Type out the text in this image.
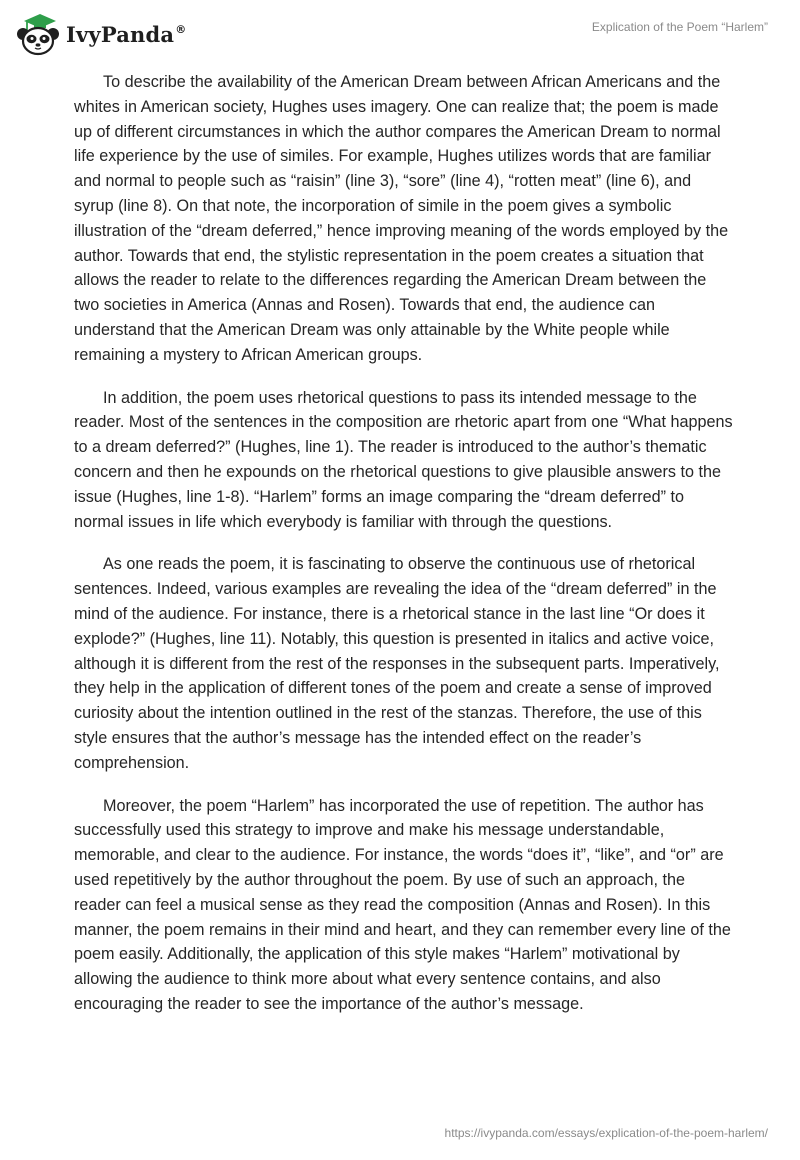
IvyPanda®	Explication of the Poem “Harlem”

To describe the availability of the American Dream between African Americans and the whites in American society, Hughes uses imagery. One can realize that; the poem is made up of different circumstances in which the author compares the American Dream to normal life experience by the use of similes. For example, Hughes utilizes words that are familiar and normal to people such as “raisin” (line 3), “sore” (line 4), “rotten meat” (line 6), and syrup (line 8). On that note, the incorporation of simile in the poem gives a symbolic illustration of the “dream deferred,” hence improving meaning of the words employed by the author. Towards that end, the stylistic representation in the poem creates a situation that allows the reader to relate to the differences regarding the American Dream between the two societies in America (Annas and Rosen). Towards that end, the audience can understand that the American Dream was only attainable by the White people while remaining a mystery to African American groups.

In addition, the poem uses rhetorical questions to pass its intended message to the reader. Most of the sentences in the composition are rhetoric apart from one “What happens to a dream deferred?” (Hughes, line 1). The reader is introduced to the author’s thematic concern and then he expounds on the rhetorical questions to give plausible answers to the issue (Hughes, line 1-8). “Harlem” forms an image comparing the “dream deferred” to normal issues in life which everybody is familiar with through the questions.

As one reads the poem, it is fascinating to observe the continuous use of rhetorical sentences. Indeed, various examples are revealing the idea of the “dream deferred” in the mind of the audience. For instance, there is a rhetorical stance in the last line “Or does it explode?” (Hughes, line 11). Notably, this question is presented in italics and active voice, although it is different from the rest of the responses in the subsequent parts. Imperatively, they help in the application of different tones of the poem and create a sense of improved curiosity about the intention outlined in the rest of the stanzas. Therefore, the use of this style ensures that the author’s message has the intended effect on the reader’s comprehension.

Moreover, the poem “Harlem” has incorporated the use of repetition. The author has successfully used this strategy to improve and make his message understandable, memorable, and clear to the audience. For instance, the words “does it”, “like”, and “or” are used repetitively by the author throughout the poem. By use of such an approach, the reader can feel a musical sense as they read the composition (Annas and Rosen). In this manner, the poem remains in their mind and heart, and they can remember every line of the poem easily. Additionally, the application of this style makes “Harlem” motivational by allowing the audience to think more about what every sentence contains, and also encouraging the reader to see the importance of the author’s message.

https://ivypanda.com/essays/explication-of-the-poem-harlem/
